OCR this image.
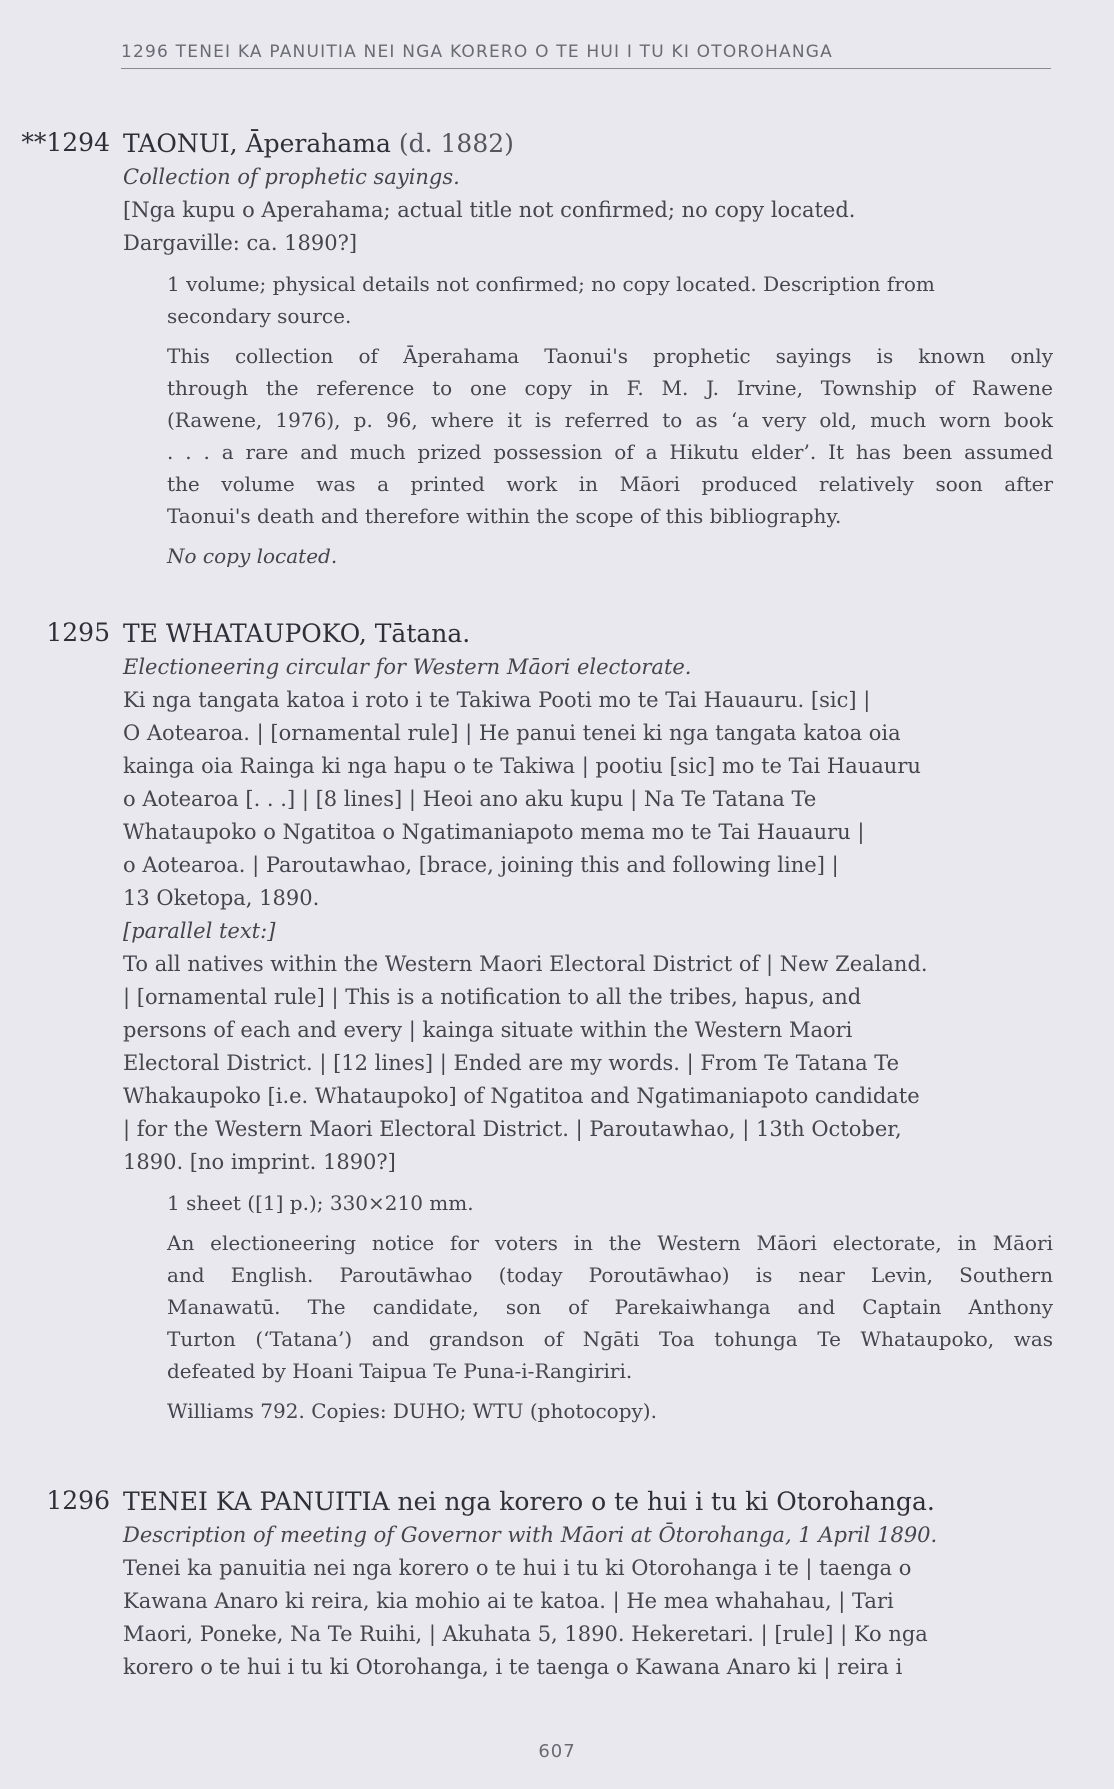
1296 TENEI KA PANUITIA NEI NGA KORERO O TE HUI I TU KI OTOROHANGA
**1294 TAONUI, Āperahama (d. 1882)

Collection of prophetic sayings.

[Nga kupu o Aperahama; actual title not confirmed; no copy located.
Dargaville: ca. 1890?]

1 volume; physical details not confirmed; no copy located. Description from
secondary source.

This collection of Āperahama Taonui's prophetic sayings is known only
through the reference to one copy in F. M. J. Irvine, Township of Rawene
(Rawene, 1976), p. 96, where it is referred to as ‘a very old, much worn book
. . . a rare and much prized possession of a Hikutu elder’. It has been assumed
the volume was a printed work in Māori produced relatively soon after
Taonui's death and therefore within the scope of this bibliography.

No copy located.

1295 TE WHATAUPOKO, Tātana.

Electioneering circular for Western Māori electorate.

Ki nga tangata katoa i roto i te Takiwa Pooti mo te Tai Hauauru. [sic] |
O Aotearoa. | [ornamental rule] | He panui tenei ki nga tangata katoa oia
kainga oia Rainga ki nga hapu o te Takiwa | pootiu [sic] mo te Tai Hauauru
o Aotearoa [. . .] | [8 lines] | Heoi ano aku kupu | Na Te Tatana Te
Whataupoko o Ngatitoa o Ngatimaniapoto mema mo te Tai Hauauru |
o Aotearoa. | Paroutawhao, [brace, joining this and following line] |
13 Oketopa, 1890.
[parallel text:]
To all natives within the Western Maori Electoral District of | New Zealand.
| [ornamental rule] | This is a notification to all the tribes, hapus, and
persons of each and every | kainga situate within the Western Maori
Electoral District. | [12 lines] | Ended are my words. | From Te Tatana Te
Whakaupoko [i.e. Whataupoko] of Ngatitoa and Ngatimaniapoto candidate
| for the Western Maori Electoral District. | Paroutawhao, | 13th October,
1890. [no imprint. 1890?]

1 sheet ([1] p.); 330×210 mm.

An electioneering notice for voters in the Western Māori electorate, in Māori
and English. Paroutāwhao (today Poroutāwhao) is near Levin, Southern
Manawatū. The candidate, son of Parekaiwhanga and Captain Anthony
Turton (‘Tatana’) and grandson of Ngāti Toa tohunga Te Whataupoko, was
defeated by Hoani Taipua Te Puna-i-Rangiriri.

Williams 792. Copies: DUHO; WTU (photocopy).

1296 TENEI KA PANUITIA nei nga korero o te hui i tu ki Otorohanga.

Description of meeting of Governor with Māori at Ōtorohanga, 1 April 1890.

Tenei ka panuitia nei nga korero o te hui i tu ki Otorohanga i te | taenga o
Kawana Anaro ki reira, kia mohio ai te katoa. | He mea whahahau, | Tari
Maori, Poneke, Na Te Ruihi, | Akuhata 5, 1890. Hekeretari. | [rule] | Ko nga
korero o te hui i tu ki Otorohanga, i te taenga o Kawana Anaro ki | reira i

607
